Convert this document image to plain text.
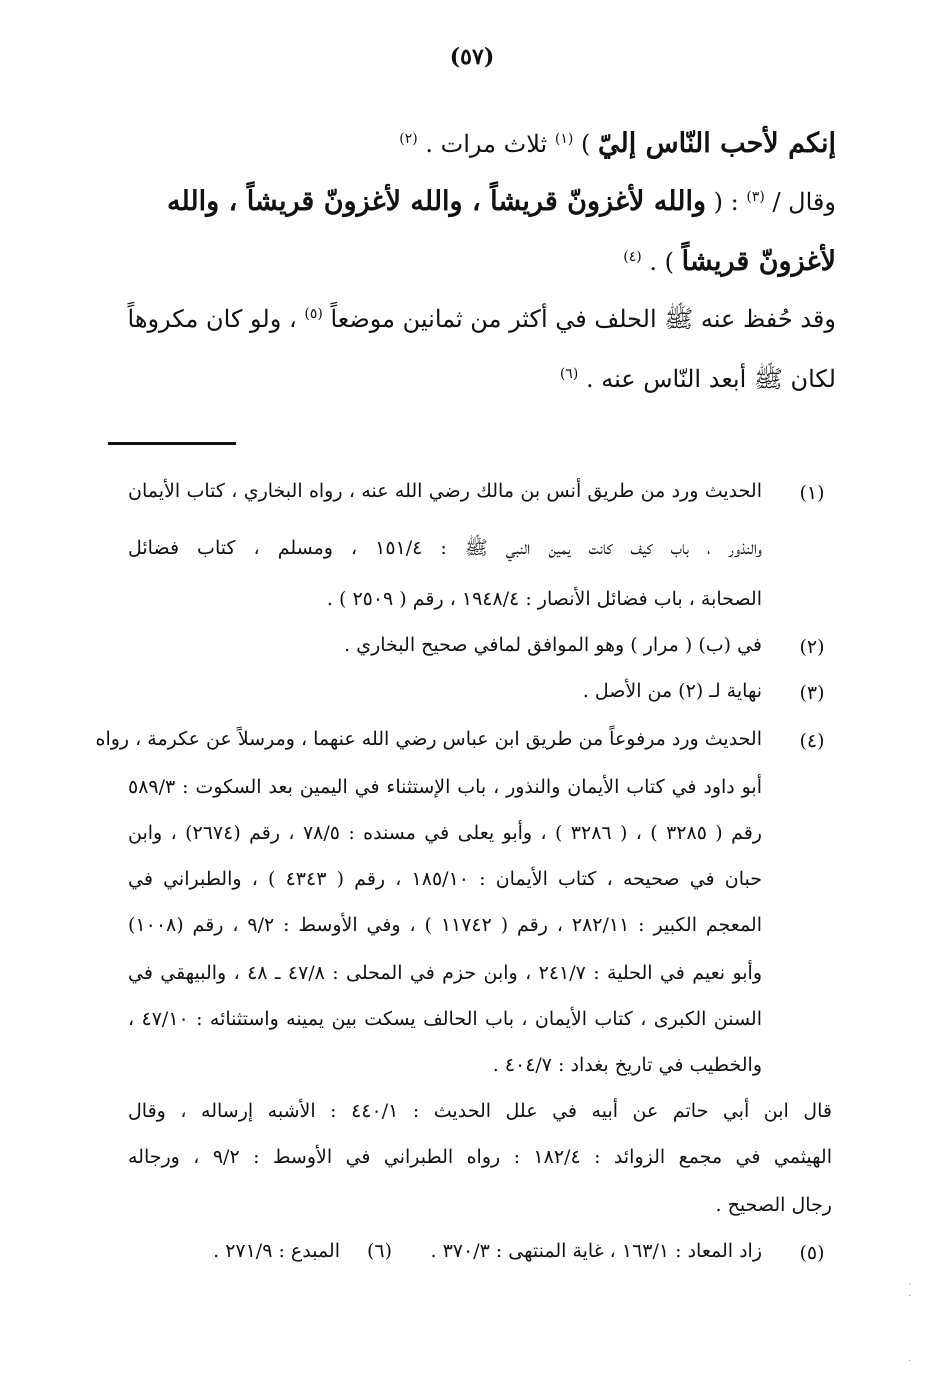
(٥٧)
إنكم لأحب النّاس إليّ ) $^{(١)}$ ثلاث مرات . $^{(٢)}$
وقال / $^{(٣)}$ : ( والله لأغزونّ قريشاً ، والله لأغزونّ قريشاً ، والله
لأغزونّ قريشاً ) . $^{(٤)}$
وقد حُفظ عنه ﷺ الحلف في أكثر من ثمانين موضعاً $^{(٥)}$ ، ولو كان مكروهاً
لكان ﷺ أبعد النّاس عنه . $^{(٦)}$
(١)
الحديث ورد من طريق أنس بن مالك رضي الله عنه ، رواه البخاري ، كتاب الأيمان
والنذور ، باب كيف كانت يمين النبي ﷺ : ١٥١/٤ ، ومسلم ، كتاب فضائل
الصحابة ، باب فضائل الأنصار : ١٩٤٨/٤ ، رقم ( ٢٥٠٩ ) .
(٢)
في (ب) ( مرار ) وهو الموافق لمافي صحيح البخاري .
(٣)
نهاية لـ (٢) من الأصل .
(٤)
الحديث ورد مرفوعاً من طريق ابن عباس رضي الله عنهما ، ومرسلاً عن عكرمة ، رواه
أبو داود في كتاب الأيمان والنذور ، باب الإستثناء في اليمين بعد السكوت : ٥٨٩/٣
رقم ( ٣٢٨٥ ) ، ( ٣٢٨٦ ) ، وأبو يعلى في مسنده : ٧٨/٥ ، رقم (٢٦٧٤) ، وابن
حبان في صحيحه ، كتاب الأيمان : ١٨٥/١٠ ، رقم ( ٤٣٤٣ ) ، والطبراني في
المعجم الكبير : ٢٨٢/١١ ، رقم ( ١١٧٤٢ ) ، وفي الأوسط : ٩/٢ ، رقم (١٠٠٨)
وأبو نعيم في الحلية : ٢٤١/٧ ، وابن حزم في المحلى : ٤٧/٨ ـ ٤٨ ، والبيهقي في
السنن الكبرى ، كتاب الأيمان ، باب الحالف يسكت بين يمينه واستثنائه : ٤٧/١٠ ،
والخطيب في تاريخ بغداد : ٤٠٤/٧ .
قال ابن أبي حاتم عن أبيه في علل الحديث : ٤٤٠/١ : الأشبه إرساله ، وقال
الهيثمي في مجمع الزوائد : ١٨٢/٤ : رواه الطبراني في الأوسط : ٩/٢ ، ورجاله
رجال الصحيح .
(٥)
زاد المعاد : ١٦٣/١ ، غاية المنتهى : ٣٧٠/٣ .
(٦)
المبدع : ٢٧١/٩ .
·
·
·
